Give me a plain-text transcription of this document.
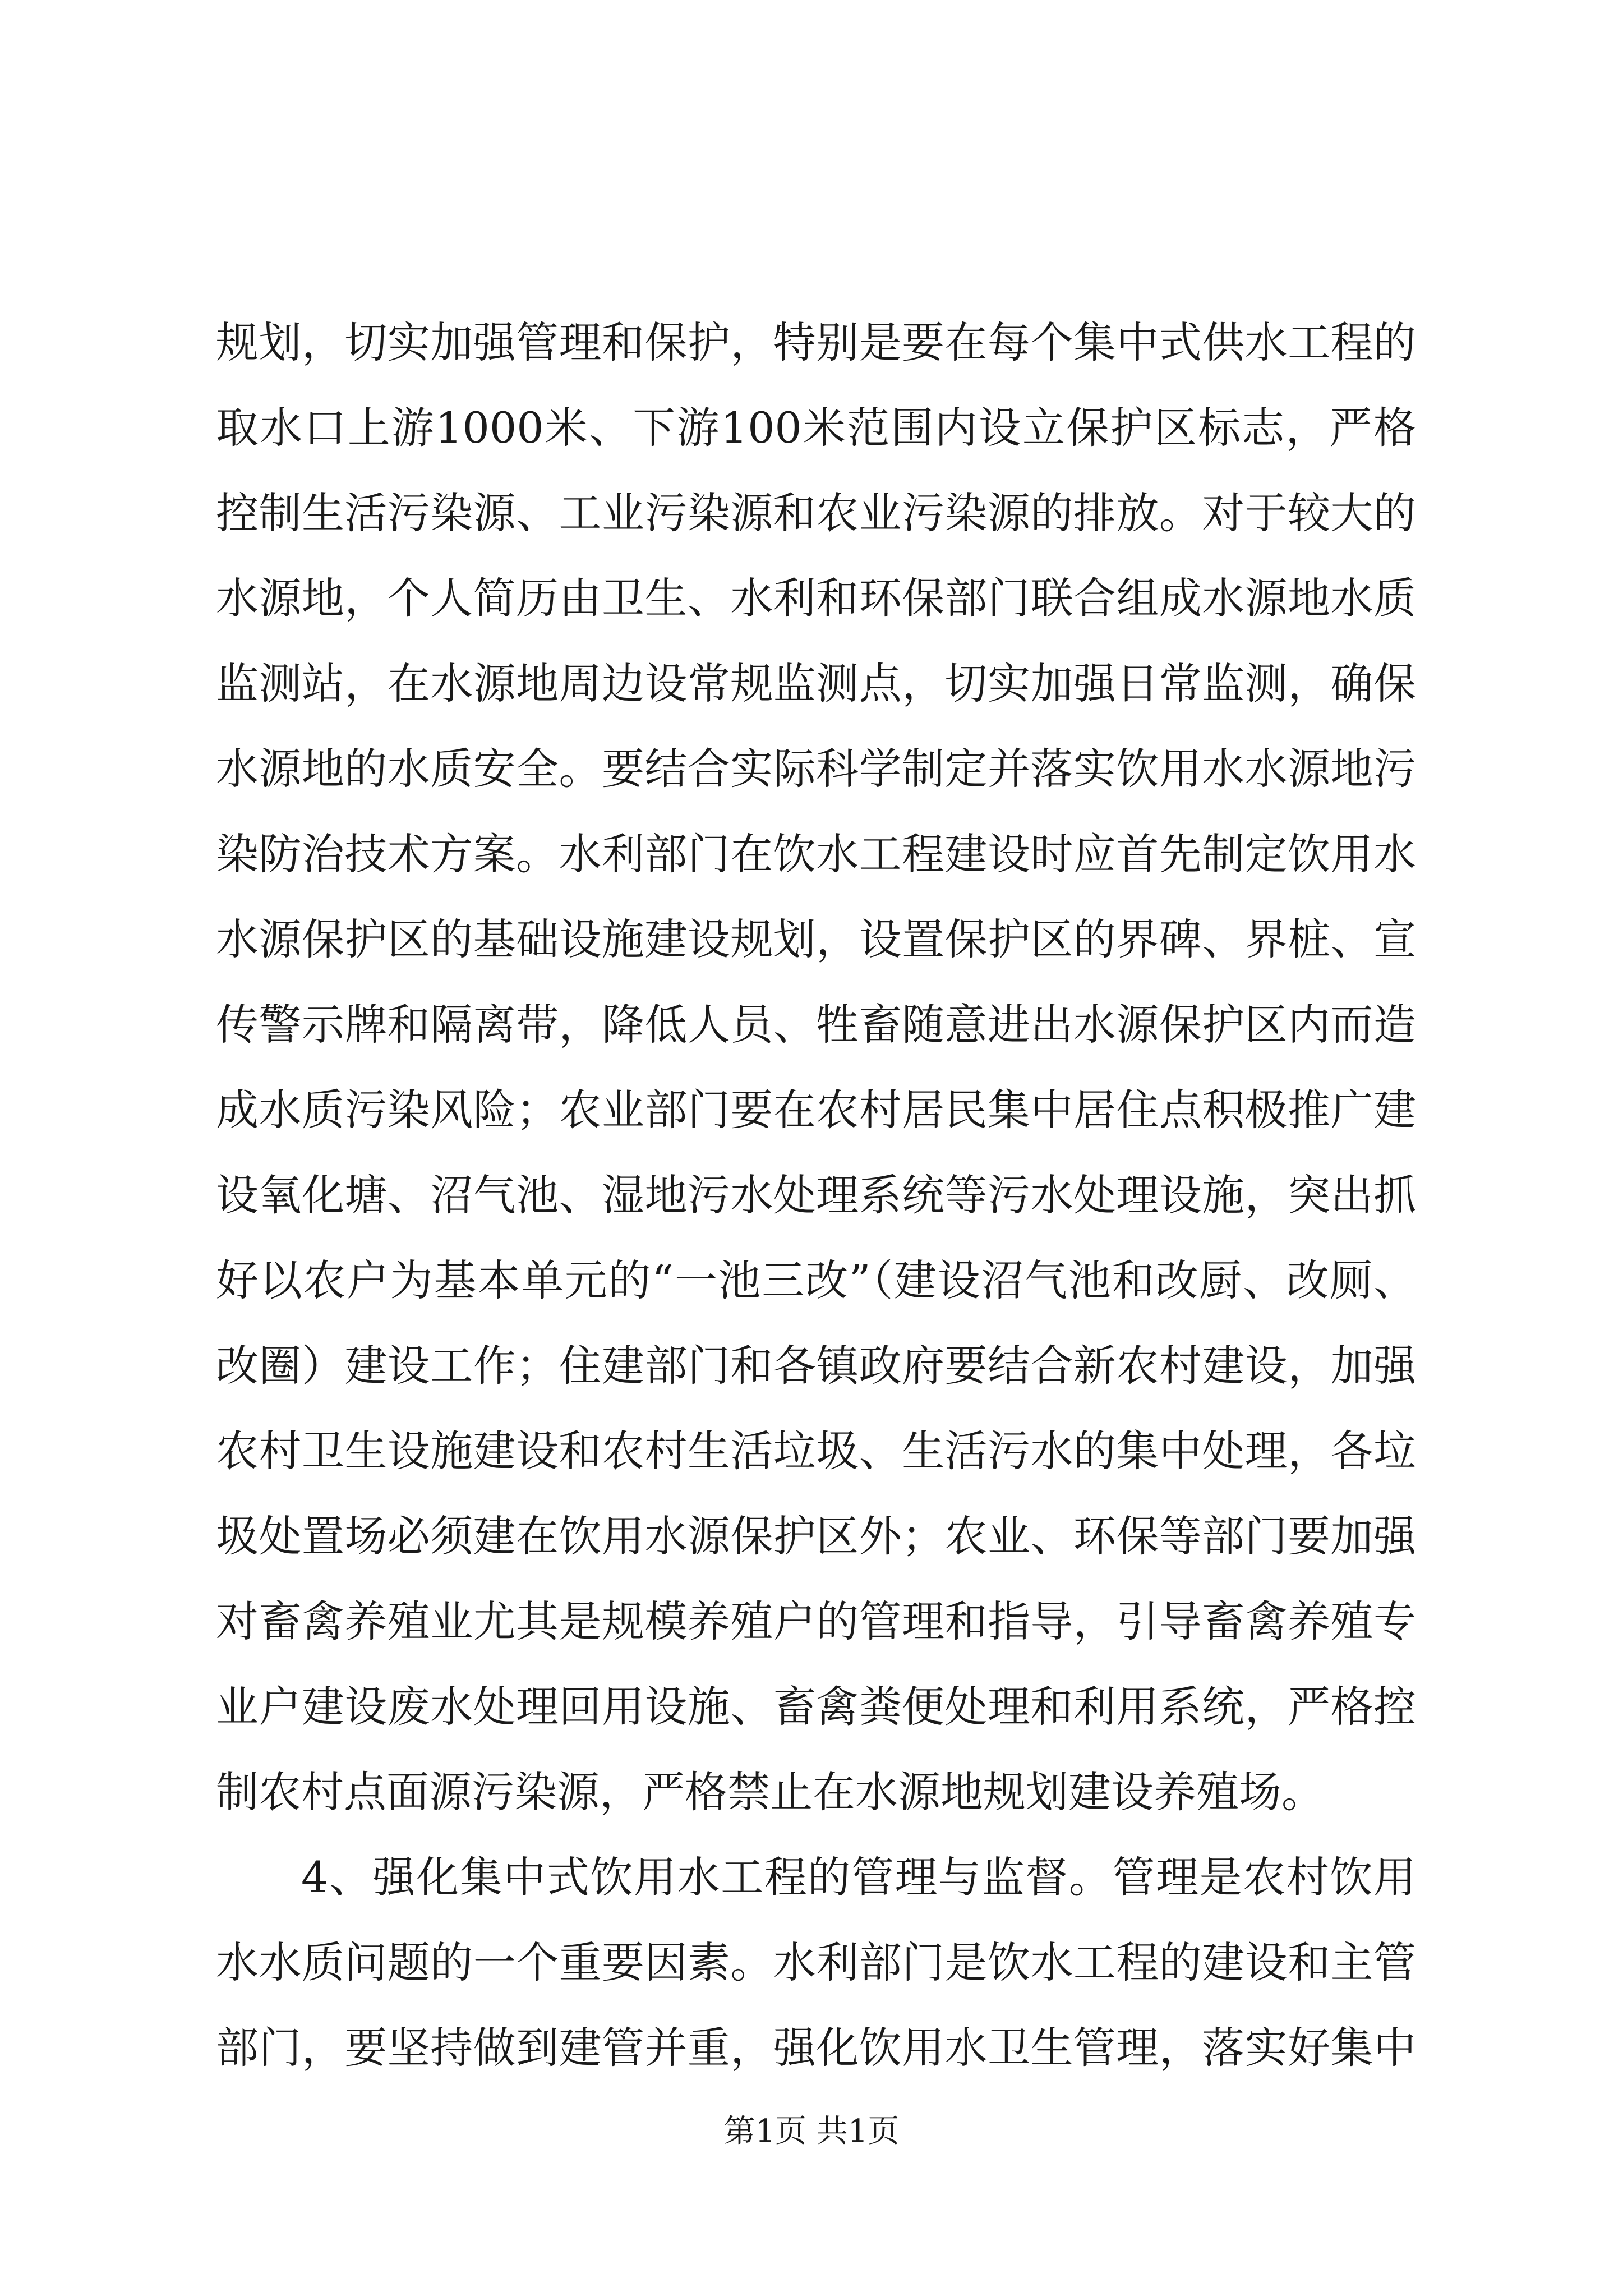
规划，切实加强管理和保护，特别是要在每个集中式供水工程的
取水口上游1000米、下游100米范围内设立保护区标志，严格
控制生活污染源、工业污染源和农业污染源的排放。对于较大的
水源地，个人简历由卫生、水利和环保部门联合组成水源地水质
监测站，在水源地周边设常规监测点，切实加强日常监测，确保
水源地的水质安全。要结合实际科学制定并落实饮用水水源地污
染防治技术方案。水利部门在饮水工程建设时应首先制定饮用水
水源保护区的基础设施建设规划，设置保护区的界碑、界桩、宣
传警示牌和隔离带，降低人员、牲畜随意进出水源保护区内而造
成水质污染风险；农业部门要在农村居民集中居住点积极推广建
设氧化塘、沼气池、湿地污水处理系统等污水处理设施，突出抓
好以农户为基本单元的“一池三改”（建设沼气池和改厨、改厕、
改圈）建设工作；住建部门和各镇政府要结合新农村建设，加强
农村卫生设施建设和农村生活垃圾、生活污水的集中处理，各垃
圾处置场必须建在饮用水源保护区外；农业、环保等部门要加强
对畜禽养殖业尤其是规模养殖户的管理和指导，引导畜禽养殖专
业户建设废水处理回用设施、畜禽粪便处理和利用系统，严格控
制农村点面源污染源，严格禁止在水源地规划建设养殖场。
4、强化集中式饮用水工程的管理与监督。管理是农村饮用
水水质问题的一个重要因素。水利部门是饮水工程的建设和主管
部门，要坚持做到建管并重，强化饮用水卫生管理，落实好集中
第1页 共1页
